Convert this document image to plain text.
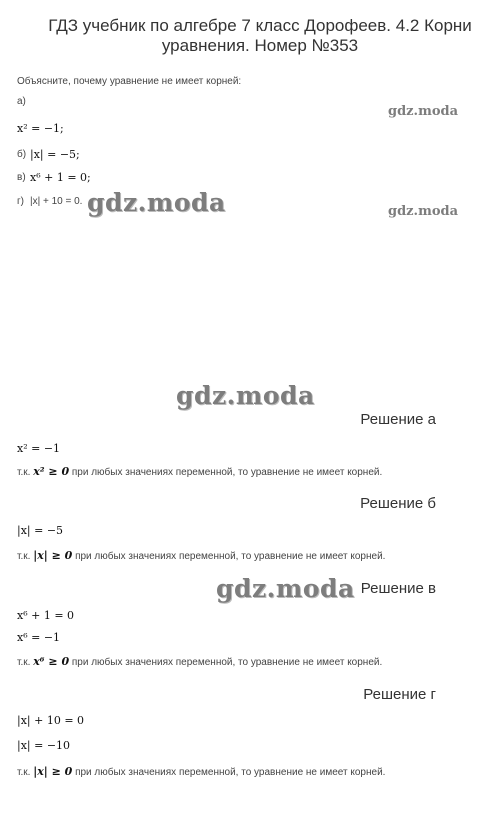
ГДЗ учебник по алгебре 7 класс Дорофеев. 4.2 Корни
уравнения. Номер №353
Объясните, почему уравнение не имеет корней:
а)
x² = −1;
б) |x| = −5;
в) x⁶ + 1 = 0;
г) |x| + 10 = 0.
gdz.moda
gdz.moda
gdz.moda
gdz.moda
gdz.moda
Решение а
x² = −1
т.к. x² ≥ 0 при любых значениях переменной, то уравнение не имеет корней.
Решение б
|x| = −5
т.к. |x| ≥ 0 при любых значениях переменной, то уравнение не имеет корней.
Решение в
x⁶ + 1 = 0
x⁶ = −1
т.к. x⁶ ≥ 0 при любых значениях переменной, то уравнение не имеет корней.
Решение г
|x| + 10 = 0
|x| = −10
т.к. |x| ≥ 0 при любых значениях переменной, то уравнение не имеет корней.
